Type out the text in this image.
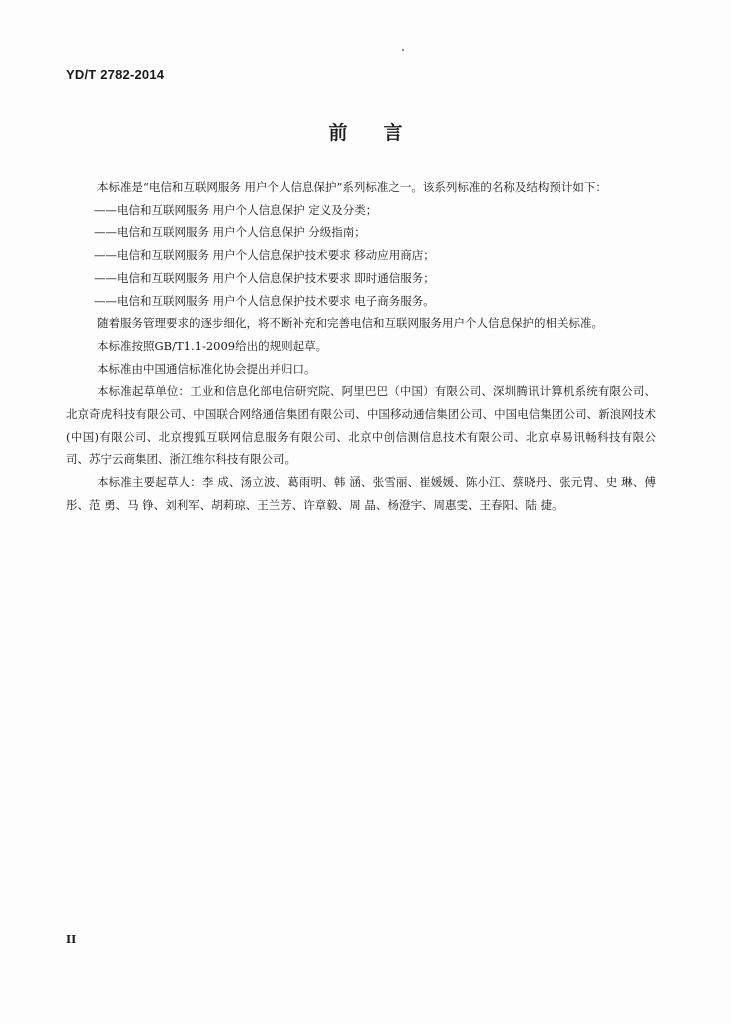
YD/T 2782-2014
前言

本标准是“电信和互联网服务 用户个人信息保护”系列标准之一。该系列标准的名称及结构预计如下：

——电信和互联网服务 用户个人信息保护 定义及分类；

——电信和互联网服务 用户个人信息保护 分级指南；

——电信和互联网服务 用户个人信息保护技术要求 移动应用商店；

——电信和互联网服务 用户个人信息保护技术要求 即时通信服务；

——电信和互联网服务 用户个人信息保护技术要求 电子商务服务。

随着服务管理要求的逐步细化，将不断补充和完善电信和互联网服务用户个人信息保护的相关标准。

本标准按照GB/T1.1-2009给出的规则起草。

本标准由中国通信标准化协会提出并归口。

本标准起草单位：工业和信息化部电信研究院、阿里巴巴（中国）有限公司、深圳腾讯计算机系统有限公司、北京奇虎科技有限公司、中国联合网络通信集团有限公司、中国移动通信集团公司、中国电信集团公司、新浪网技术(中国)有限公司、北京搜狐互联网信息服务有限公司、北京中创信测信息技术有限公司、北京卓易讯畅科技有限公司、苏宁云商集团、浙江维尔科技有限公司。

本标准主要起草人：李 成、汤立波、葛雨明、韩 涵、张雪丽、崔媛媛、陈小江、蔡晓丹、张元胄、史 琳、傅 彤、范 勇、马 铮、刘利军、胡莉琼、王兰芳、许章毅、周 晶、杨澄宇、周惠雯、王春阳、陆 捷。

II
